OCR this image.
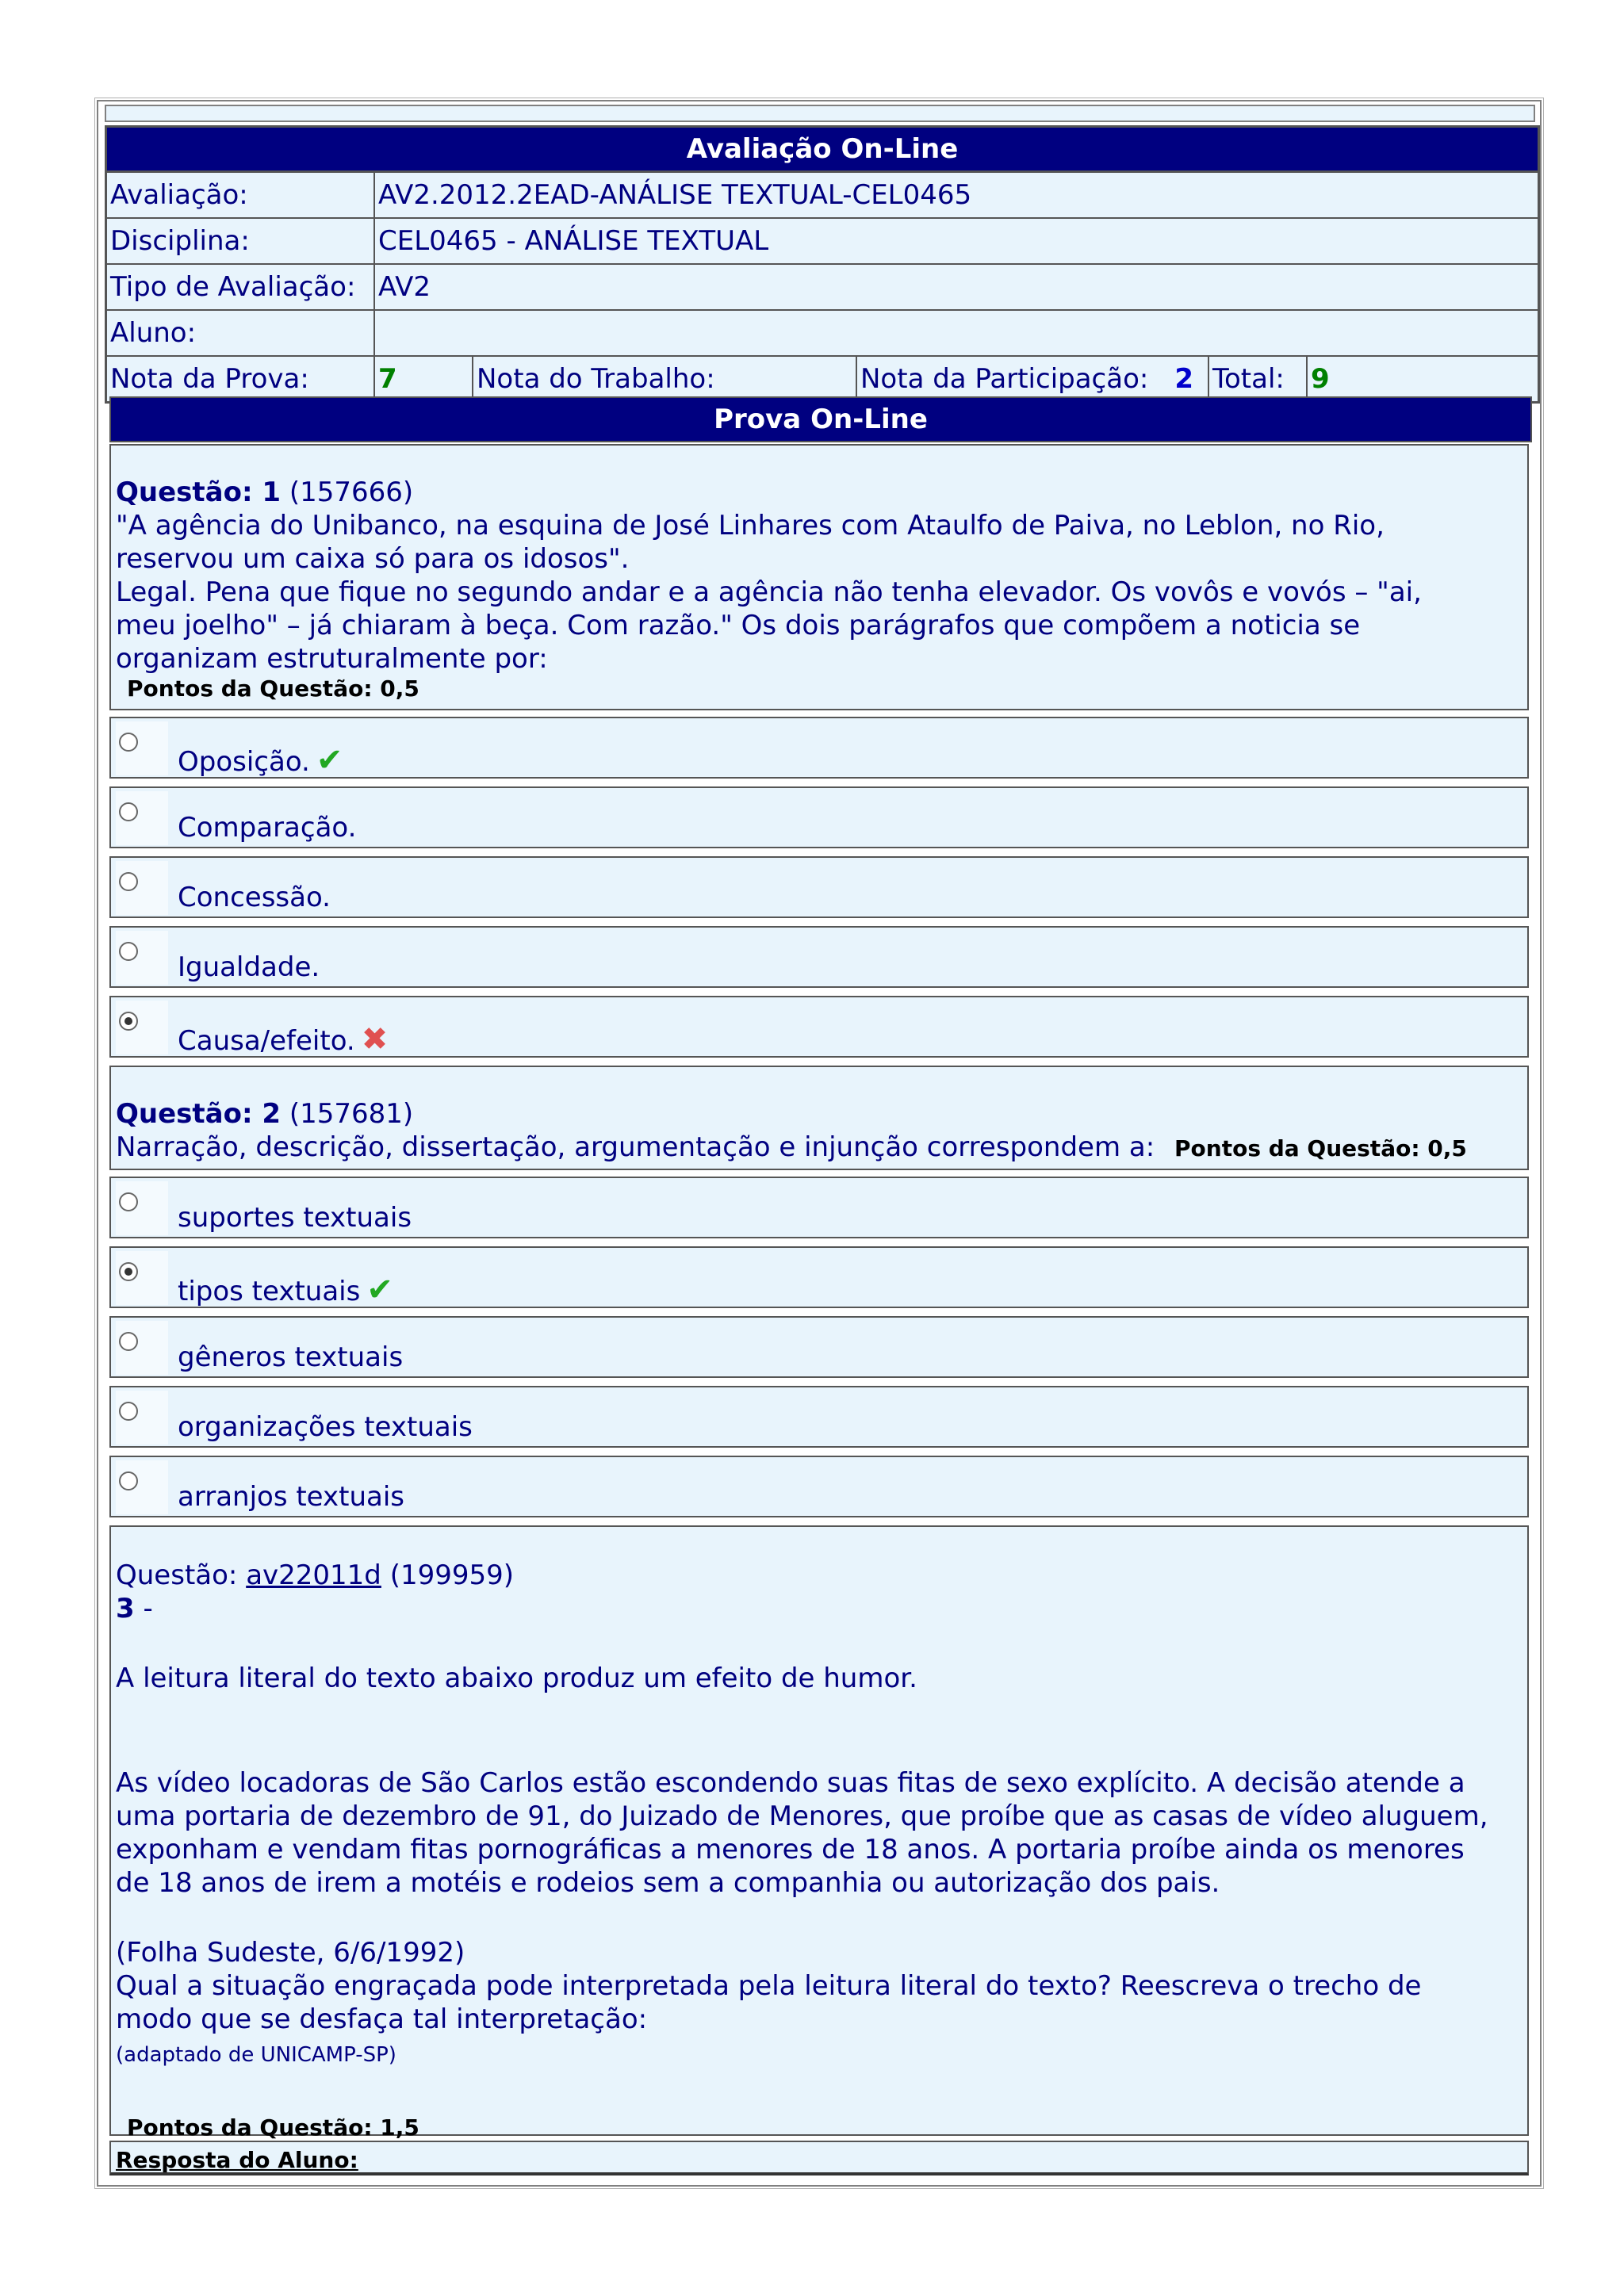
Avaliação On-Line
Avaliação:	AV2.2012.2EAD-ANÁLISE TEXTUAL-CEL0465
Disciplina:	CEL0465 - ANÁLISE TEXTUAL
Tipo de Avaliação: AV2
Aluno:
Nota da Prova:	7	Nota do Trabalho:	Nota da Participação: 2 Total: 9
Prova On-Line
Questão: 1 (157666)
"A agência do Unibanco, na esquina de José Linhares com Ataulfo de Paiva, no Leblon, no Rio,
reservou um caixa só para os idosos".
Legal. Pena que fique no segundo andar e a agência não tenha elevador. Os vovôs e vovós – "ai,
meu joelho" – já chiaram à beça. Com razão." Os dois parágrafos que compõem a noticia se
organizam estruturalmente por:
Pontos da Questão: 0,5
Oposição. ✔
Comparação.
Concessão.
Igualdade.
Causa/efeito. ✖
Questão: 2 (157681)
Narração, descrição, dissertação, argumentação e injunção correspondem a: Pontos da Questão: 0,5
suportes textuais
tipos textuais ✔
gêneros textuais
organizações textuais
arranjos textuais
Questão: av22011d (199959)
3 -

A leitura literal do texto abaixo produz um efeito de humor.

As vídeo locadoras de São Carlos estão escondendo suas fitas de sexo explícito. A decisão atende a
uma portaria de dezembro de 91, do Juizado de Menores, que proíbe que as casas de vídeo aluguem,
exponham e vendam fitas pornográficas a menores de 18 anos. A portaria proíbe ainda os menores
de 18 anos de irem a motéis e rodeios sem a companhia ou autorização dos pais.

(Folha Sudeste, 6/6/1992)
Qual a situação engraçada pode interpretada pela leitura literal do texto? Reescreva o trecho de
modo que se desfaça tal interpretação:
(adaptado de UNICAMP-SP)
Pontos da Questão: 1,5
Resposta do Aluno:
